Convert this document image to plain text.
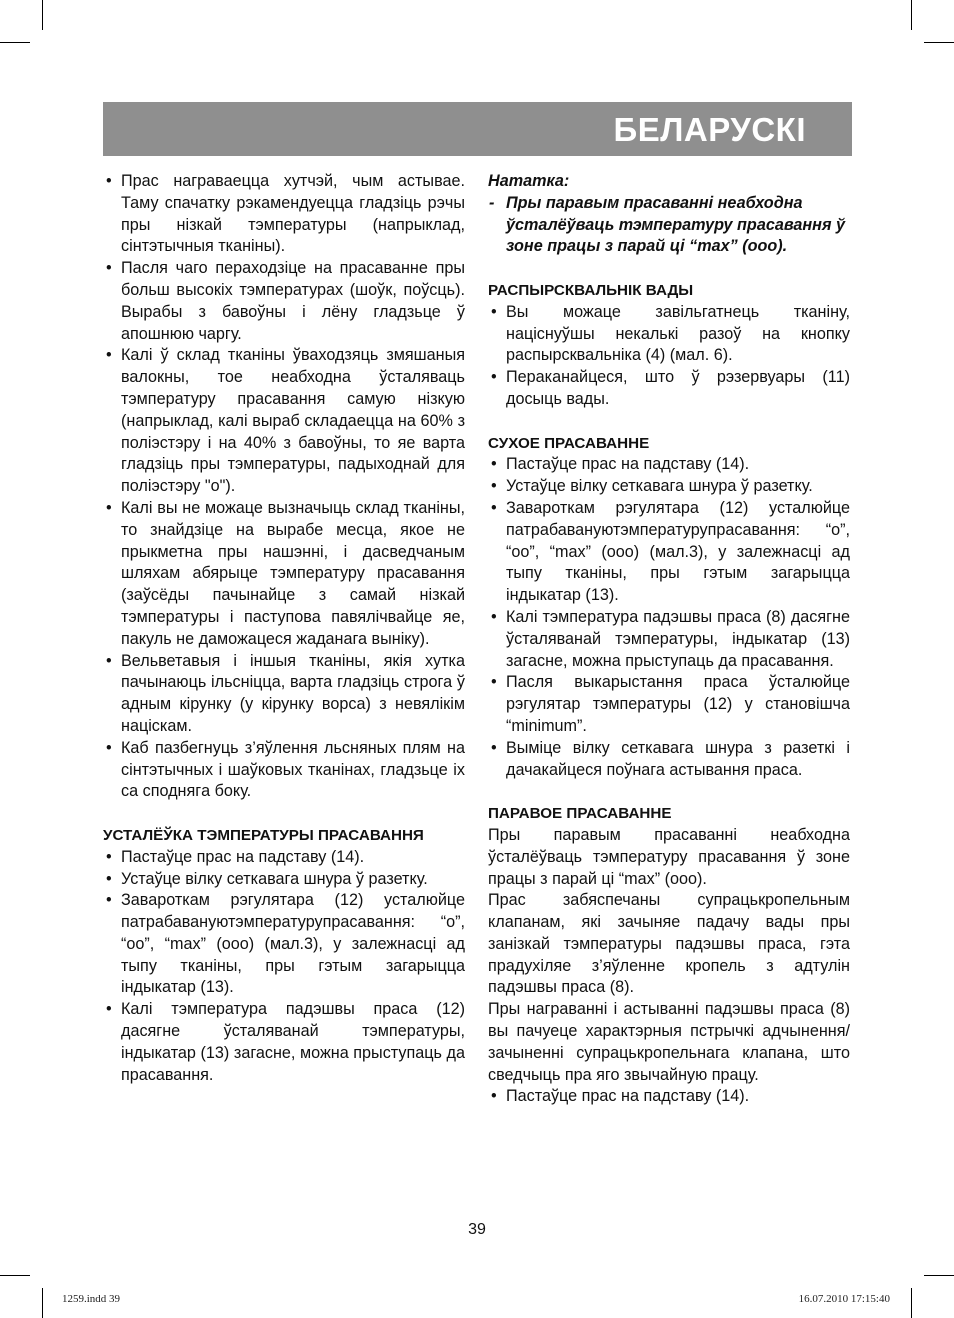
БЕЛАРУСКІ
• Прас награваецца хутчэй, чым астывае. Таму спачатку рэкамендуецца гладзіць рэчы пры нізкай тэмпературы (напрыклад, сінтэтычныя тканіны).
• Пасля чаго пераходзіце на прасаванне пры больш высокіх тэмпературах (шоўк, поўсць). Вырабы з бавоўны і лёну гладзьце ў апошнюю чаргу.
• Калі ў склад тканіны ўваходзяць змяшаныя валокны, тое неабходна ўсталяваць тэмпературу прасавання самую нізкую (напрыклад, калі выраб складаецца на 60% з поліэстэру і на 40% з бавоўны, то яе варта гладзіць пры тэмпературы, падыходнай для поліэстэру "о").
• Калі вы не можаце вызначыць склад тканіны, то знайдзіце на вырабе месца, якое не прыкметна пры нашэнні, і дасведчаным шляхам абярыце тэмпературу прасавання (заўсёды пачынайце з самай нізкай тэмпературы і паступова павялічвайце яе, пакуль не даможацеся жаданага выніку).
• Вельветавыя і іншыя тканіны, якія хутка пачынаюць ільсніцца, варта гладзіць строга ў адным кірунку (у кірунку ворса) з невялікім націскам.
• Каб пазбегнуць з’яўлення льсняных плям на сінтэтычных і шаўковых тканінах, гладзьце іх са споднягa боку.
УСТАЛЁЎКА ТЭМПЕРАТУРЫ ПРАСАВАННЯ
• Пастаўце прас на падставу (14).
• Устаўце вілку сеткавага шнура ў разетку.
• Завароткам рэгулятара (12) усталюйце патрабавануютэмпературупрасавання: “o”, “oo”, “max” (ooo) (мал.3), у залежнасці ад тыпу тканіны, пры гэтым загарыцца індыкатар (13).
• Калі тэмпература падэшвы праса (12) дасягне ўсталяванай тэмпературы, індыкатар (13) загасне, можна прыступаць да прасавання.
Нататка:
- Пры паравым прасаванні неабходна ўсталёўваць тэмпературу прасавання ў зоне працы з парай ці “max” (ooo).
РАСПЫРСКВАЛЬНІК ВАДЫ
• Вы можаце завільгатнець тканіну, націснуўшы некалькі разоў на кнопку распырсквальніка (4) (мал. 6).
• Пераканайцеся, што ў рэзервуары (11) досыць вады.
СУХОЕ ПРАСАВАННЕ
• Пастаўце прас на падставу (14).
• Устаўце вілку сеткавага шнура ў разетку.
• Завароткам рэгулятара (12) усталюйце патрабавануютэмпературупрасавання: “o”, “oo”, “max” (ooo) (мал.3), у залежнасці ад тыпу тканіны, пры гэтым загарыцца індыкатар (13).
• Калі тэмпература падэшвы праса (8) дасягне ўсталяванай тэмпературы, індыкатар (13) загасне, можна прыступаць да прасавання.
• Пасля выкарыстання праса ўсталюйце рэгулятар тэмпературы (12) у становішча “minimum”.
• Выміце вілку сеткавага шнура з разеткі і дачакайцеся поўнага астывання праса.
ПАРАВОЕ ПРАСАВАННЕ
Пры паравым прасаванні неабходна ўсталёўваць тэмпературу прасавання ў зоне працы з парай ці “max” (ooo).
Прас забяспечаны супрацькропельным клапанам, які зачыняе падачу вады пры занізкай тэмпературы падэшвы праса, гэта прадухіляе з’яўленне кропель з адтулін падэшвы праса (8).
Пры награванні і астыванні падэшвы праса (8) вы пачуеце характэрныя пстрычкі адчынення/зачыненні супрацькропельнага клапана, што сведчыць пра яго звычайную працу.
• Пастаўце прас на падставу (14).
39
1259.indd 39	16.07.2010 17:15:40
